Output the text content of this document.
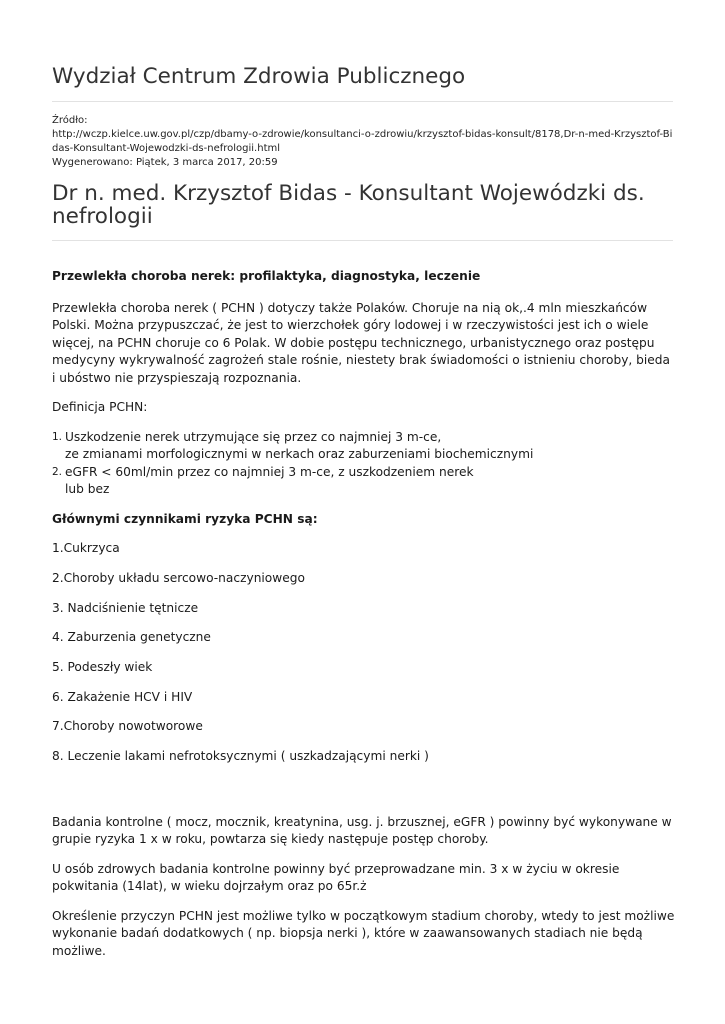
Wydział Centrum Zdrowia Publicznego
Źródło:
http://wczp.kielce.uw.gov.pl/czp/dbamy-o-zdrowie/konsultanci-o-zdrowiu/krzysztof-bidas-konsult/8178,Dr-n-med-Krzysztof-Bi
das-Konsultant-Wojewodzki-ds-nefrologii.html
Wygenerowano: Piątek, 3 marca 2017, 20:59
Dr n. med. Krzysztof Bidas - Konsultant Wojewódzki ds. nefrologii

Przewlekła choroba nerek: profilaktyka, diagnostyka, leczenie

Przewlekła choroba nerek ( PCHN ) dotyczy także Polaków. Choruje na nią ok,.4 mln mieszkańców Polski. Można przypuszczać, że jest to wierzchołek góry lodowej i w rzeczywistości jest ich o wiele więcej, na PCHN choruje co 6 Polak. W dobie postępu technicznego, urbanistycznego oraz postępu medycyny wykrywalność zagrożeń stale rośnie, niestety brak świadomości o istnieniu choroby, bieda i ubóstwo nie przyspieszają rozpoznania.

Definicja PCHN:

1. Uszkodzenie nerek utrzymujące się przez co najmniej 3 m-ce,
ze zmianami morfologicznymi w nerkach oraz zaburzeniami biochemicznymi
2. eGFR < 60ml/min przez co najmniej 3 m-ce, z uszkodzeniem nerek
lub bez

Głównymi czynnikami ryzyka PCHN są:

1.Cukrzyca

2.Choroby układu sercowo-naczyniowego

3. Nadciśnienie tętnicze

4. Zaburzenia genetyczne

5. Podeszły wiek

6. Zakażenie HCV i HIV

7.Choroby nowotworowe

8. Leczenie lakami nefrotoksycznymi ( uszkadzającymi nerki )

Badania kontrolne ( mocz, mocznik, kreatynina, usg. j. brzusznej, eGFR ) powinny być wykonywane w grupie ryzyka 1 x w roku, powtarza się kiedy następuje postęp choroby.

U osób zdrowych badania kontrolne powinny być przeprowadzane min. 3 x w życiu w okresie pokwitania (14lat), w wieku dojrzałym oraz po 65r.ż

Określenie przyczyn PCHN jest możliwe tylko w początkowym stadium choroby, wtedy to jest możliwe wykonanie badań dodatkowych ( np. biopsja nerki ), które w zaawansowanych stadiach nie będą możliwe.
